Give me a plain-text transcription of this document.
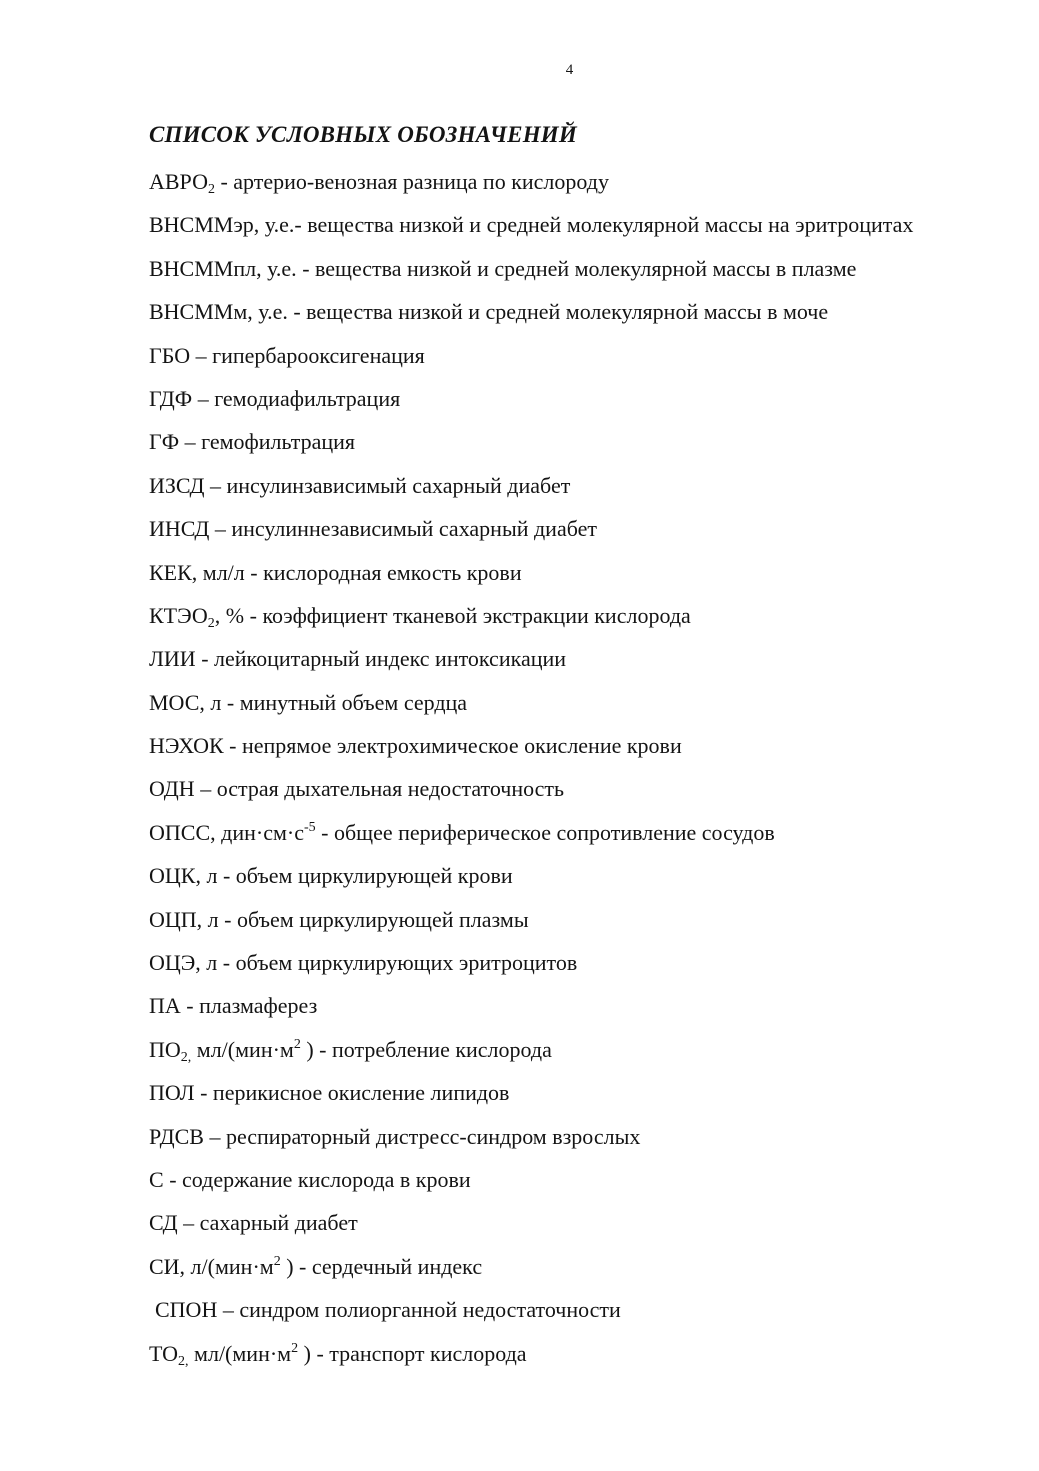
4
СПИСОК УСЛОВНЫХ ОБОЗНАЧЕНИЙ
$АВРО_2$ - артерио-венозная разница по кислороду
ВНСММэр, у.е.- вещества низкой и средней молекулярной массы на эритроцитах
ВНСММпл, у.е. - вещества низкой и средней молекулярной массы в плазме
ВНСММм, у.е. - вещества низкой и средней молекулярной массы в моче
ГБО – гипербарооксигенация
ГДФ – гемодиафильтрация
ГФ – гемофильтрация
ИЗСД – инсулинзависимый сахарный диабет
ИНСД – инсулиннезависимый сахарный диабет
КЕК, мл/л - кислородная емкость крови
$КТЭО_2$, % - коэффициент тканевой экстракции кислорода
ЛИИ - лейкоцитарный индекс интоксикации
МОС, л - минутный объем сердца
НЭХОК - непрямое электрохимическое окисление крови
ОДН – острая дыхательная недостаточность
ОПСС, $дин\cdot см\cdot с^{-5}$ - общее периферическое сопротивление сосудов
ОЦК, л - объем циркулирующей крови
ОЦП, л - объем циркулирующей плазмы
ОЦЭ, л - объем циркулирующих эритроцитов
ПА - плазмаферез
$ПО_{2,}$ $мл/(мин\cdot м^2$ ) - потребление кислорода
ПОЛ - перикисное окисление липидов
РДСВ – респираторный дистресс-синдром взрослых
С - содержание кислорода в крови
СД – сахарный диабет
СИ, $л/(мин\cdot м^2$ ) - сердечный индекс
СПОН – синдром полиорганной недостаточности
$ТО_{2,}$ $мл/(мин\cdot м^2$ ) - транспорт кислорода
